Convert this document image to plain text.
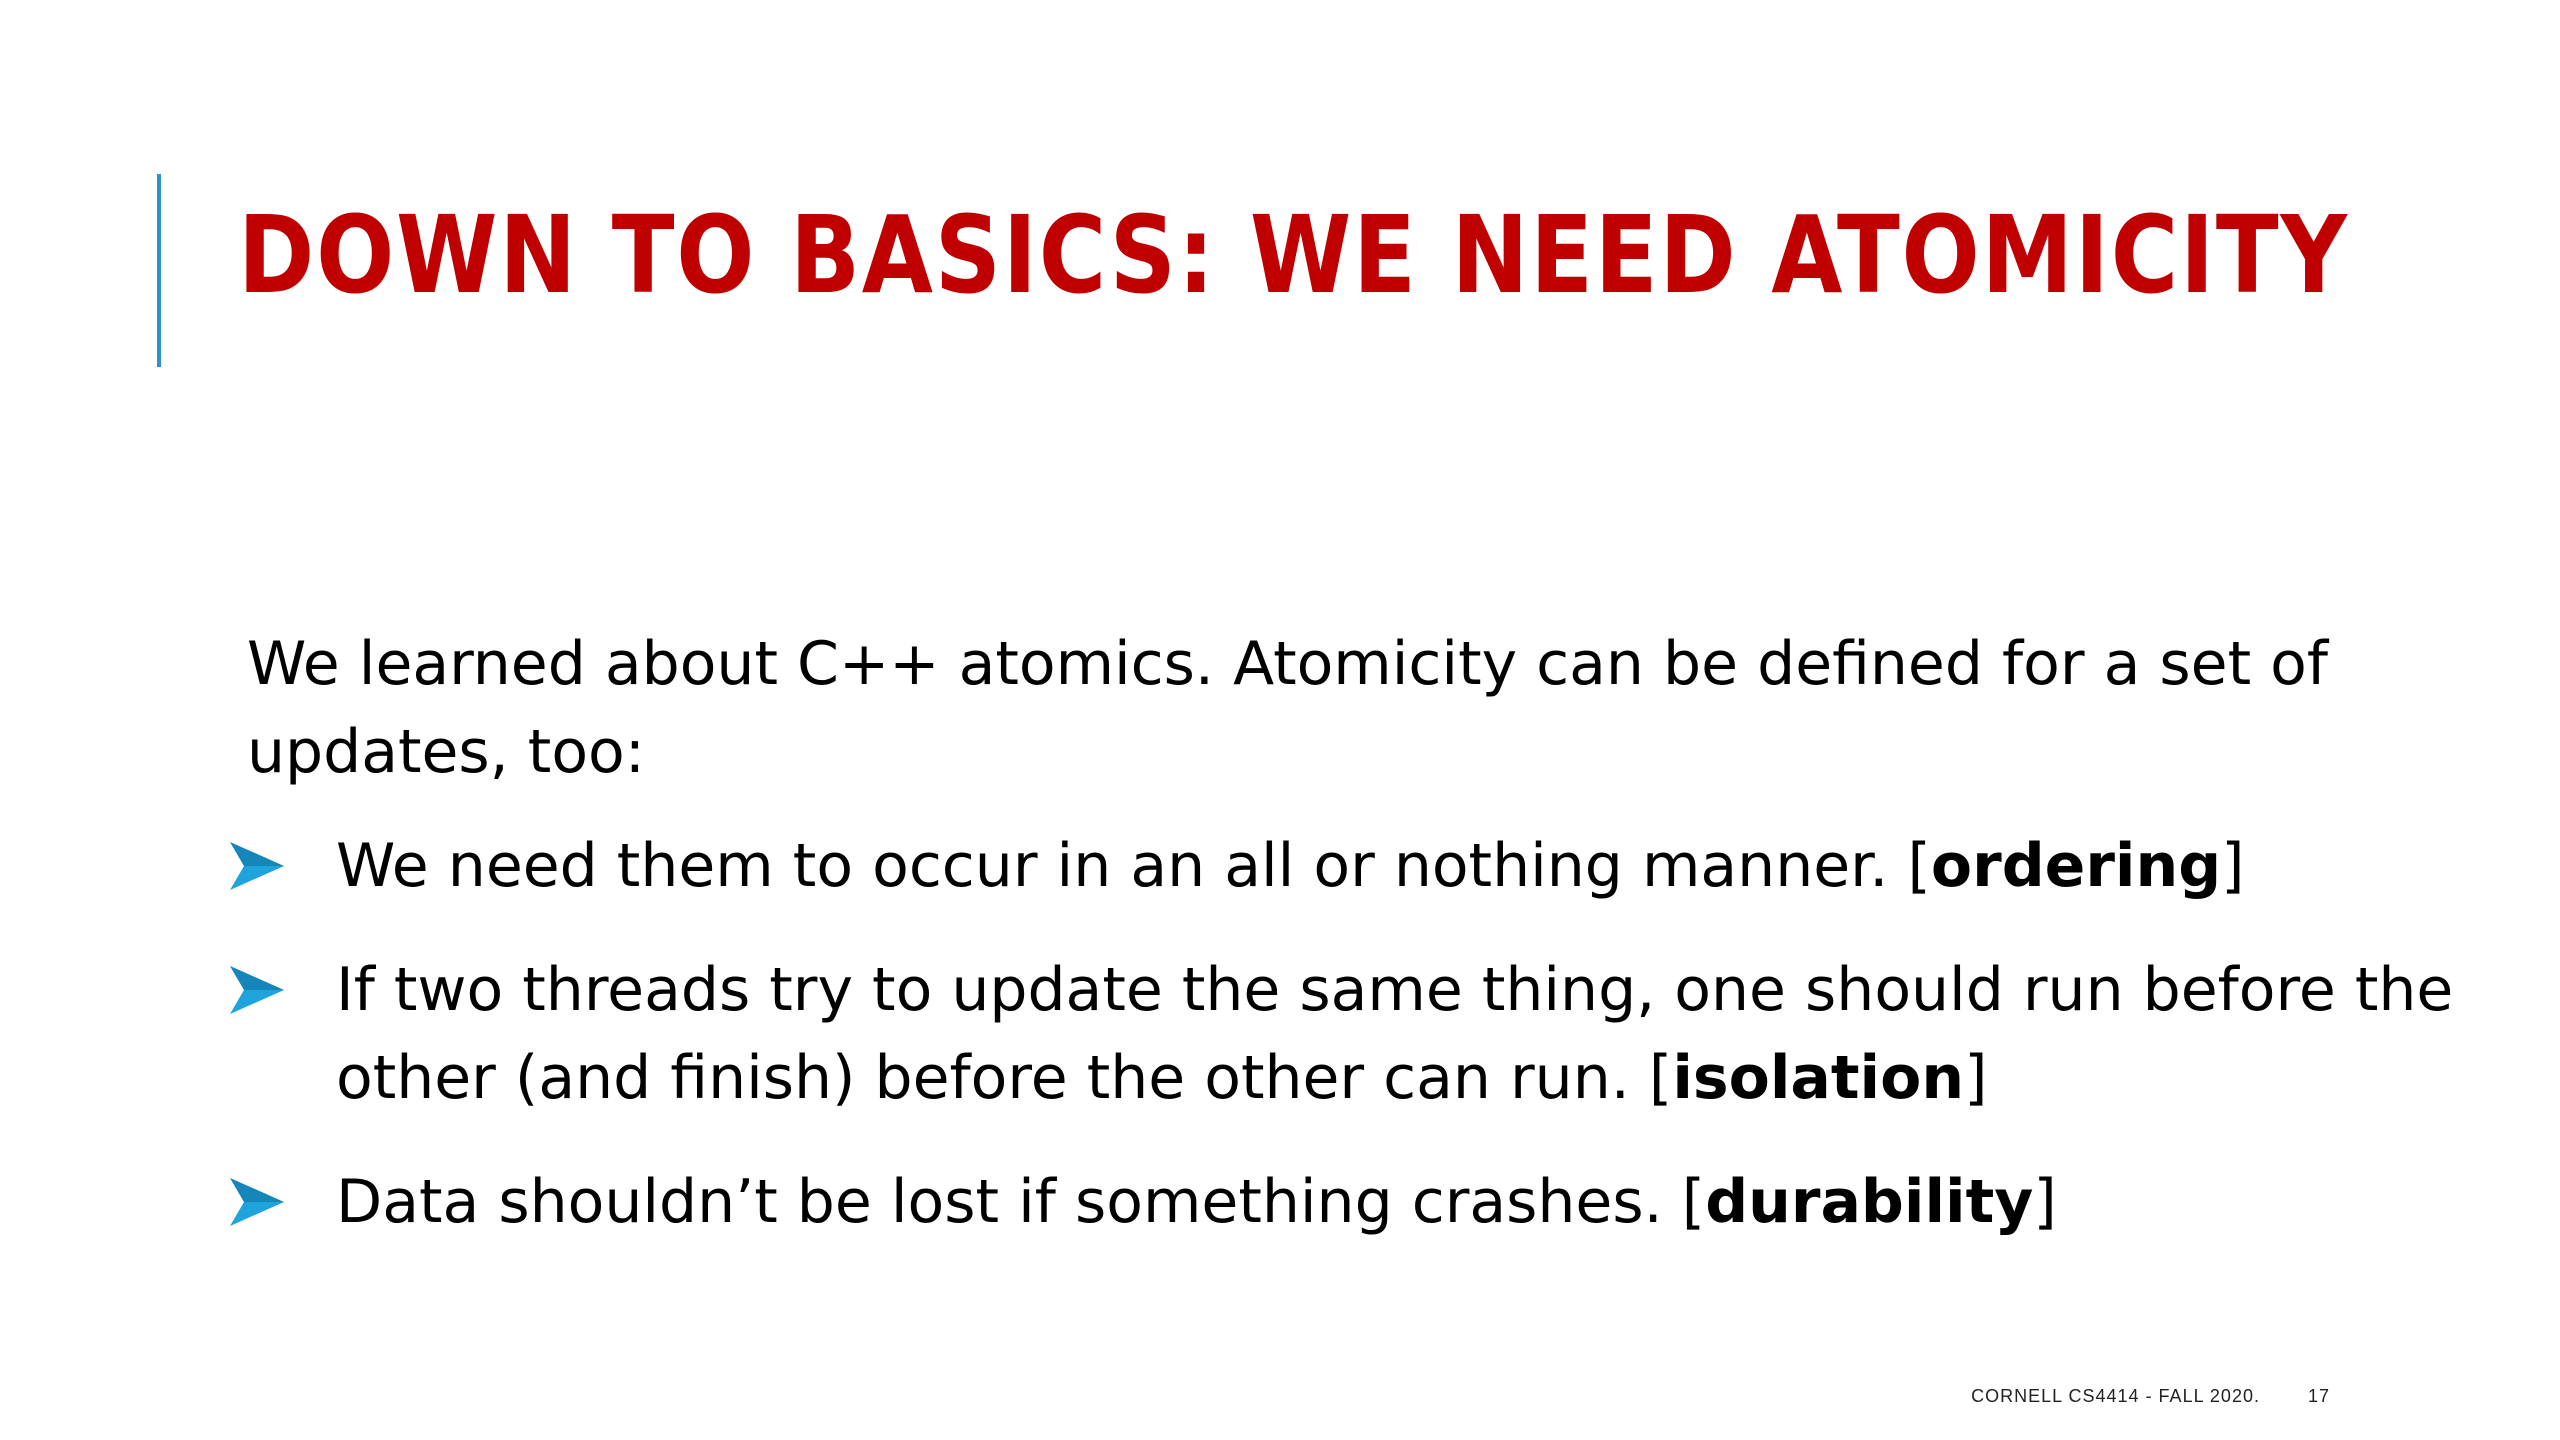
DOWN TO BASICS: WE NEED ATOMICITY

We learned about C++ atomics. Atomicity can be defined for a set of updates, too:

We need them to occur in an all or nothing manner. [ordering]
If two threads try to update the same thing, one should run before the other (and finish) before the other can run. [isolation]
Data shouldn’t be lost if something crashes. [durability]
CORNELL CS4414 - FALL 2020.	17
